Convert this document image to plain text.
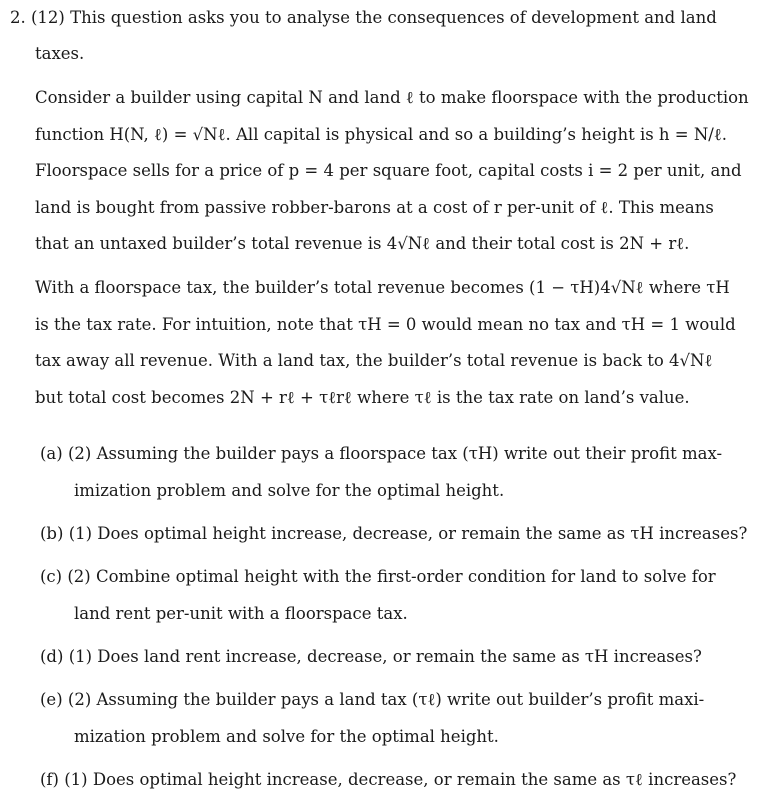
2. (12) This question asks you to analyse the consequences of development and land
taxes.
Consider a builder using capital N and land ℓ to make floorspace with the production
function H(N, ℓ) = √Nℓ. All capital is physical and so a building’s height is h = N/ℓ.
Floorspace sells for a price of p = 4 per square foot, capital costs i = 2 per unit, and
land is bought from passive robber-barons at a cost of r per-unit of ℓ. This means
that an untaxed builder’s total revenue is 4√Nℓ and their total cost is 2N + rℓ.
With a floorspace tax, the builder’s total revenue becomes (1 − τH)4√Nℓ where τH
is the tax rate. For intuition, note that τH = 0 would mean no tax and τH = 1 would
tax away all revenue. With a land tax, the builder’s total revenue is back to 4√Nℓ
but total cost becomes 2N + rℓ + τℓrℓ where τℓ is the tax rate on land’s value.
(a) (2) Assuming the builder pays a floorspace tax (τH) write out their profit max-
imization problem and solve for the optimal height.
(b) (1) Does optimal height increase, decrease, or remain the same as τH increases?
(c) (2) Combine optimal height with the first-order condition for land to solve for
land rent per-unit with a floorspace tax.
(d) (1) Does land rent increase, decrease, or remain the same as τH increases?
(e) (2) Assuming the builder pays a land tax (τℓ) write out builder’s profit maxi-
mization problem and solve for the optimal height.
(f) (1) Does optimal height increase, decrease, or remain the same as τℓ increases?
